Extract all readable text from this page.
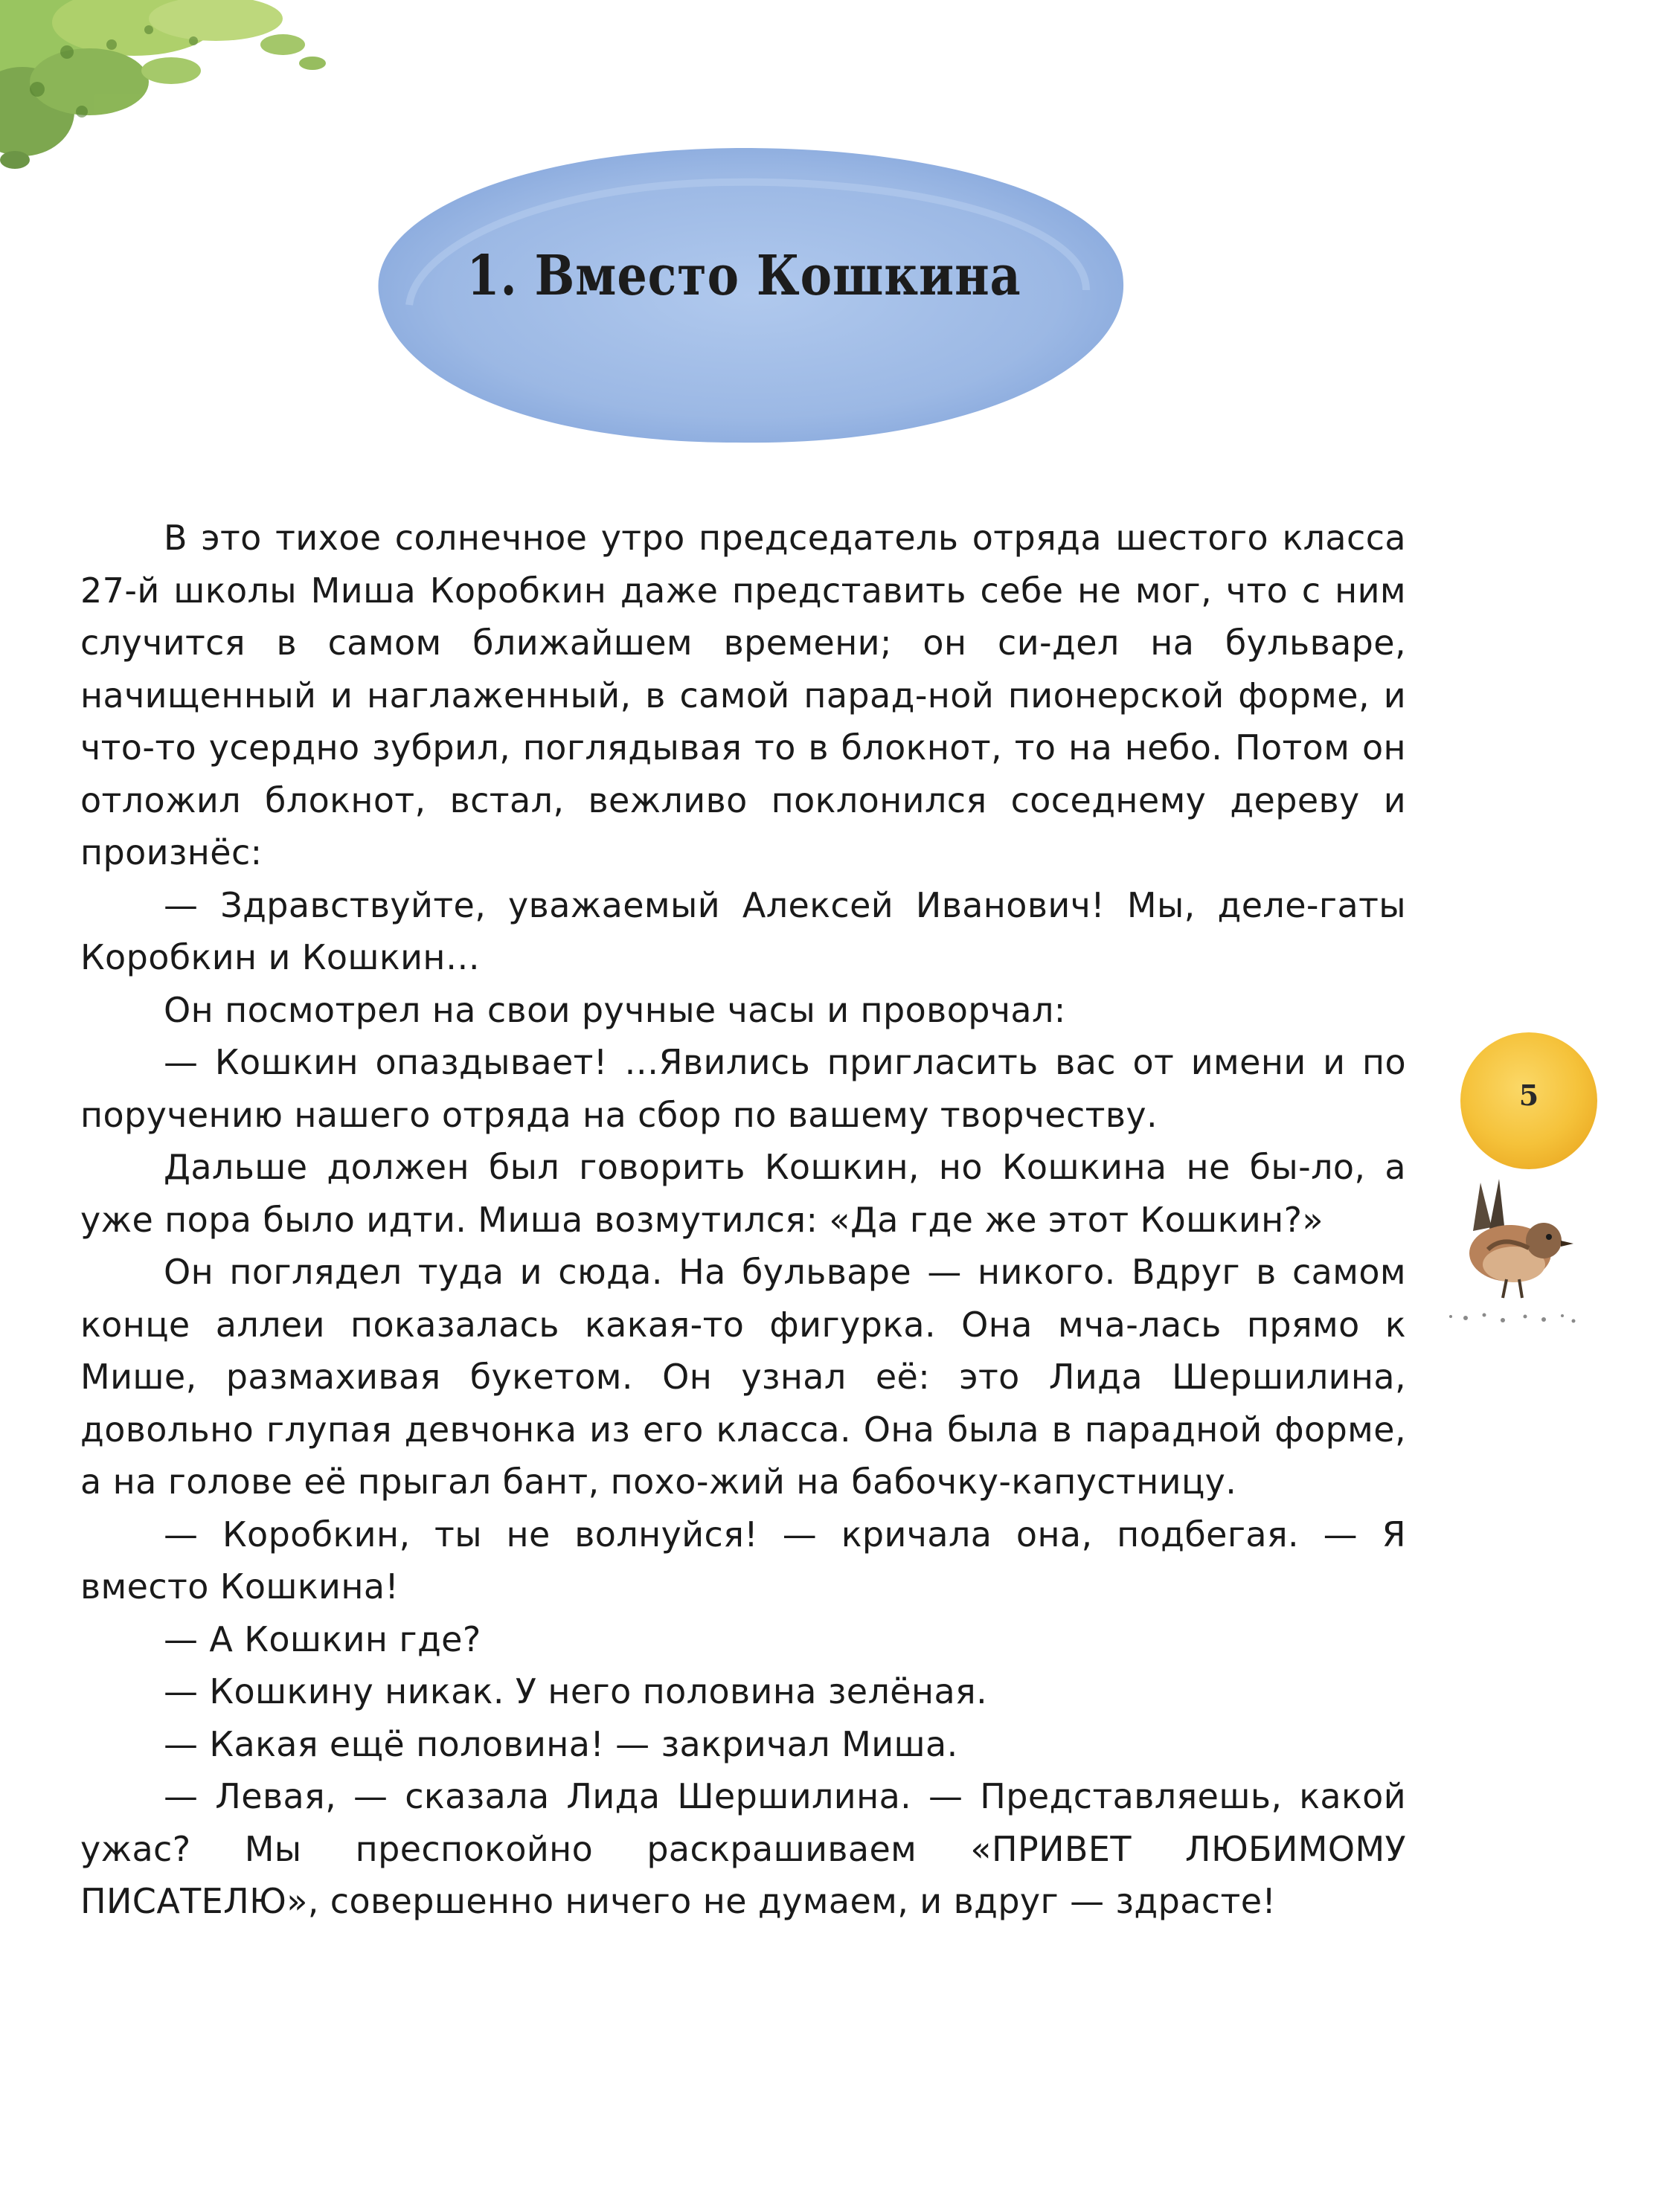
1. Вместо Кошкина

В это тихое солнечное утро председатель отряда шестого класса 27-й школы Миша Коробкин даже представить себе не мог, что с ним случится в самом ближайшем времени; он си-дел на бульваре, начищенный и наглаженный, в самой парад-ной пионерской форме, и что-то усердно зубрил, поглядывая то в блокнот, то на небо. Потом он отложил блокнот, встал, вежливо поклонился соседнему дереву и произнёс:

— Здравствуйте, уважаемый Алексей Иванович! Мы, деле-гаты Коробкин и Кошкин…

Он посмотрел на свои ручные часы и проворчал:

— Кошкин опаздывает! …Явились пригласить вас от имени и по поручению нашего отряда на сбор по вашему творчеству.

Дальше должен был говорить Кошкин, но Кошкина не бы-ло, а уже пора было идти. Миша возмутился: «Да где же этот Кошкин?»

Он поглядел туда и сюда. На бульваре — никого. Вдруг в самом конце аллеи показалась какая-то фигурка. Она мча-лась прямо к Мише, размахивая букетом. Он узнал её: это Лида Шершилина, довольно глупая девчонка из его класса. Она была в парадной форме, а на голове её прыгал бант, похо-жий на бабочку-капустницу.

— Коробкин, ты не волнуйся! — кричала она, подбегая. — Я вместо Кошкина!

— А Кошкин где?

— Кошкину никак. У него половина зелёная.

— Какая ещё половина! — закричал Миша.

— Левая, — сказала Лида Шершилина. — Представляешь, какой ужас? Мы преспокойно раскрашиваем «ПРИВЕТ ЛЮБИМОМУ ПИСАТЕЛЮ», совершенно ничего не думаем, и вдруг — здрасте!

5
